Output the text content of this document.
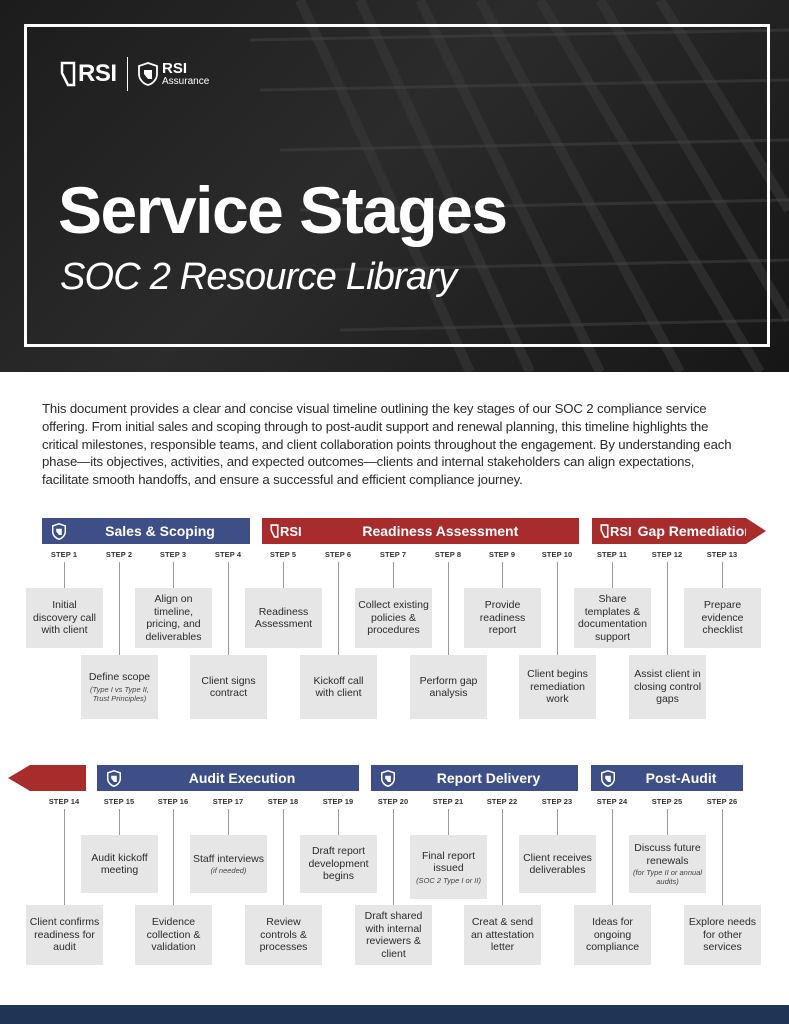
RSI	RSI
Assurance
Service Stages
SOC 2 Resource Library

This document provides a clear and concise visual timeline outlining the key stages of our SOC 2 compliance service offering. From initial sales and scoping through to post-audit support and renewal planning, this timeline highlights the critical milestones, responsible teams, and client collaboration points throughout the engagement. By understanding each phase—its objectives, activities, and expected outcomes—clients and internal stakeholders can align expectations, facilitate smooth handoffs, and ensure a successful and efficient compliance journey.

Sales & Scoping	RSI	Readiness Assessment	RSI Gap Remediation
Audit Execution	Report Delivery	Post-Audit
STEP 1
Initial discovery call with client
STEP 2
Define scope
(Type I vs Type II, Trust Principles)
STEP 3
Align on timeline, pricing, and deliverables
STEP 4
Client signs contract
STEP 5
Readiness Assessment
STEP 6
Kickoff call with client
STEP 7
Collect existing policies & procedures
STEP 8
Perform gap analysis
STEP 9
Provide readiness report
STEP 10
Client begins remediation work
STEP 11
Share templates & documentation support
STEP 12
Assist client in closing control gaps
STEP 13
Prepare evidence checklist
STEP 14
Client confirms readiness for audit
STEP 15
Audit kickoff meeting
STEP 16
Evidence collection & validation
STEP 17
Staff interviews
(if needed)
STEP 18
Review controls & processes
STEP 19
Draft report development begins
STEP 20
Draft shared with internal reviewers & client
STEP 21
Final report issued
(SOC 2 Type I or II)
STEP 22
Creat & send an attestation letter
STEP 23
Client receives deliverables
STEP 24
Ideas for ongoing compliance
STEP 25
Discuss future renewals
(for Type II or annual audits)
STEP 26
Explore needs for other services
